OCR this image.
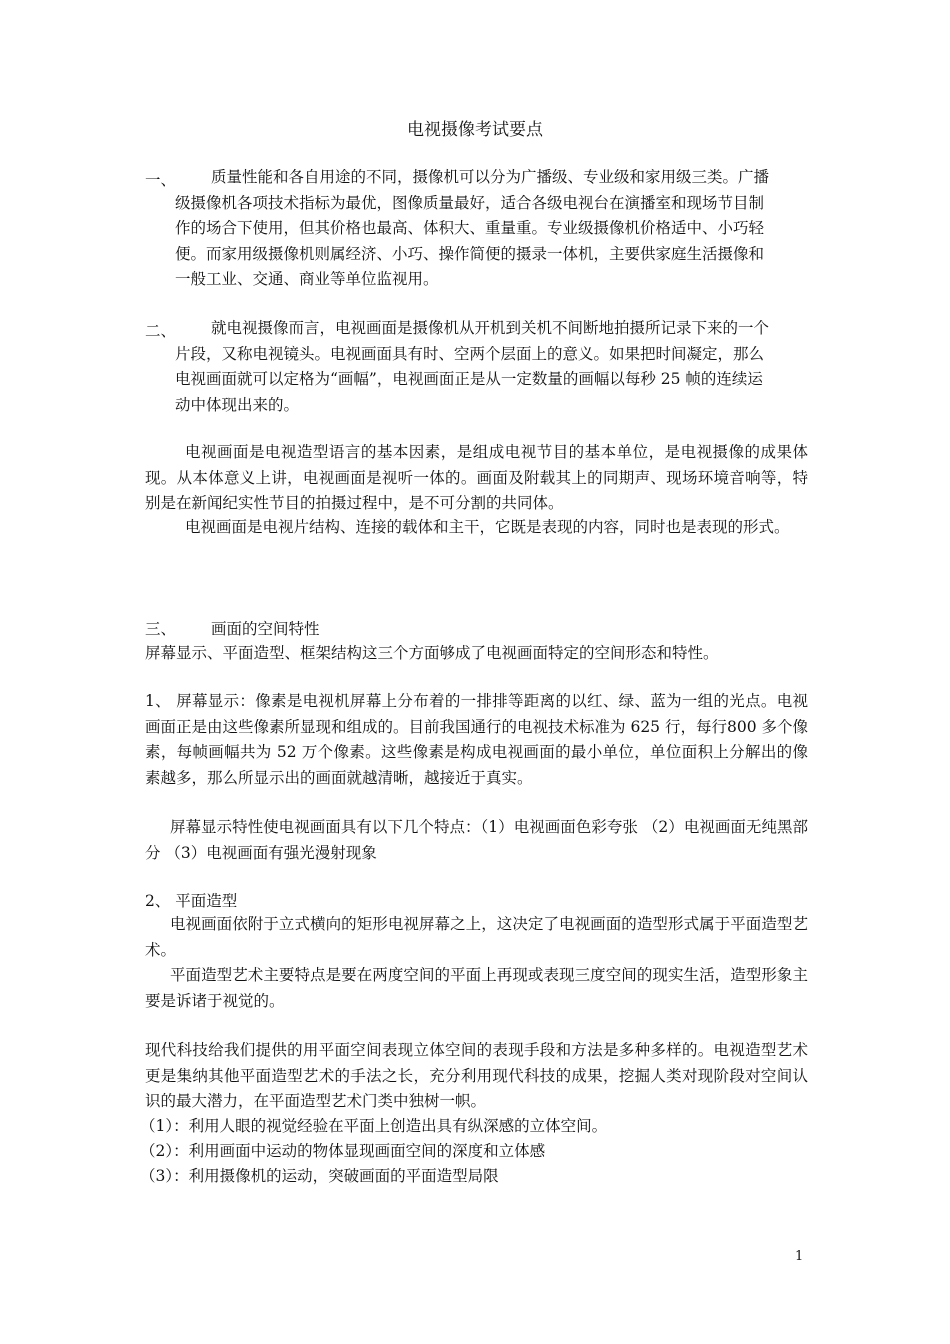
电视摄像考试要点
一、	质量性能和各自用途的不同，摄像机可以分为广播级、专业级和家用级三类。广播
级摄像机各项技术指标为最优，图像质量最好，适合各级电视台在演播室和现场节目制
作的场合下使用，但其价格也最高、体积大、重量重。专业级摄像机价格适中、小巧轻
便。而家用级摄像机则属经济、小巧、操作简便的摄录一体机，主要供家庭生活摄像和
一般工业、交通、商业等单位监视用。
二、	就电视摄像而言，电视画面是摄像机从开机到关机不间断地拍摄所记录下来的一个
片段，又称电视镜头。电视画面具有时、空两个层面上的意义。如果把时间凝定，那么
电视画面就可以定格为“画幅”，电视画面正是从一定数量的画幅以每秒 25 帧的连续运
动中体现出来的。
电视画面是电视造型语言的基本因素，是组成电视节目的基本单位，是电视摄像的成果体现。从本体意义上讲，电视画面是视听一体的。画面及附载其上的同期声、现场环境音响等，特别是在新闻纪实性节目的拍摄过程中，是不可分割的共同体。
电视画面是电视片结构、连接的载体和主干，它既是表现的内容，同时也是表现的形式。
三、 画面的空间特性
屏幕显示、平面造型、框架结构这三个方面够成了电视画面特定的空间形态和特性。
1、 屏幕显示：像素是电视机屏幕上分布着的一排排等距离的以红、绿、蓝为一组的光点。电视画面正是由这些像素所显现和组成的。目前我国通行的电视技术标准为 625 行，每行800 多个像素，每帧画幅共为 52 万个像素。这些像素是构成电视画面的最小单位，单位面积上分解出的像素越多，那么所显示出的画面就越清晰，越接近于真实。
屏幕显示特性使电视画面具有以下几个特点：（1）电视画面色彩夸张 （2）电视画面无纯黑部分 （3）电视画面有强光漫射现象
2、 平面造型
电视画面依附于立式横向的矩形电视屏幕之上，这决定了电视画面的造型形式属于平面造型艺术。
平面造型艺术主要特点是要在两度空间的平面上再现或表现三度空间的现实生活，造型形象主要是诉诸于视觉的。
现代科技给我们提供的用平面空间表现立体空间的表现手段和方法是多种多样的。电视造型艺术更是集纳其他平面造型艺术的手法之长，充分利用现代科技的成果，挖掘人类对现阶段对空间认识的最大潜力，在平面造型艺术门类中独树一帜。
（1）：利用人眼的视觉经验在平面上创造出具有纵深感的立体空间。
（2）：利用画面中运动的物体显现画面空间的深度和立体感
（3）：利用摄像机的运动，突破画面的平面造型局限
1
